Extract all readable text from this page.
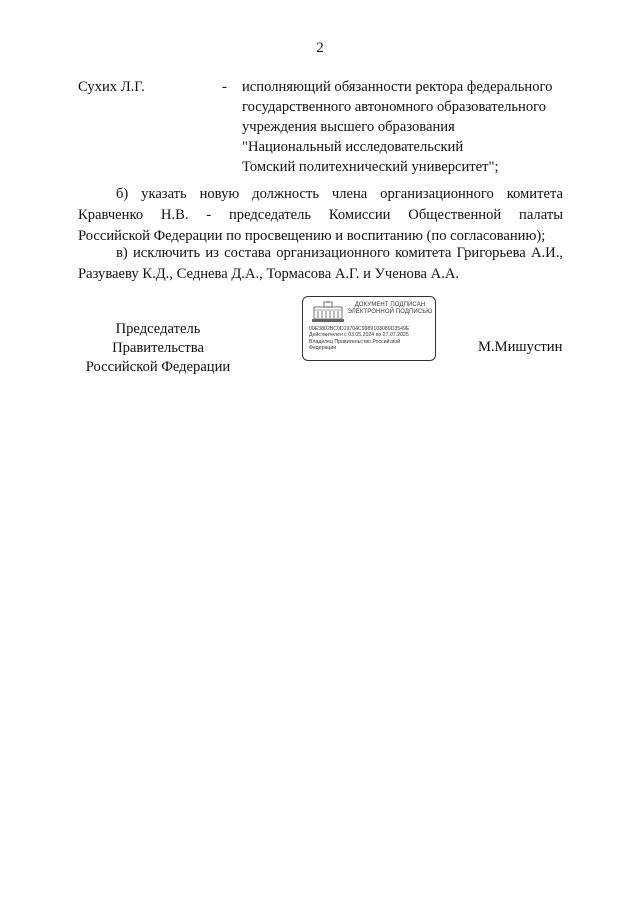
2
Сухих Л.Г.	- исполняющий обязанности ректора федерального
государственного автономного образовательного
учреждения высшего образования
"Национальный исследовательский
Томский политехнический университет";
б) указать новую должность члена организационного комитета
Кравченко Н.В. - председатель Комиссии Общественной палаты
Российской Федерации по просвещению и воспитанию (по согласованию);
в) исключить из состава организационного комитета Григорьева А.И.,
Разуваеву К.Д., Седнева Д.А., Тормасова А.Г. и Ученова А.А.
Председатель Правительства
Российской Федерации
ДОКУМЕНТ ПОДПИСАН
ЭЛЕКТРОННОЙ ПОДПИСЬЮ
00E3802BC0D19704C9989103089D3549E
Действителен с 03.05.2024 по 27.07.2025
Владелец Правительство Российской
Федерации	М.Мишустин
